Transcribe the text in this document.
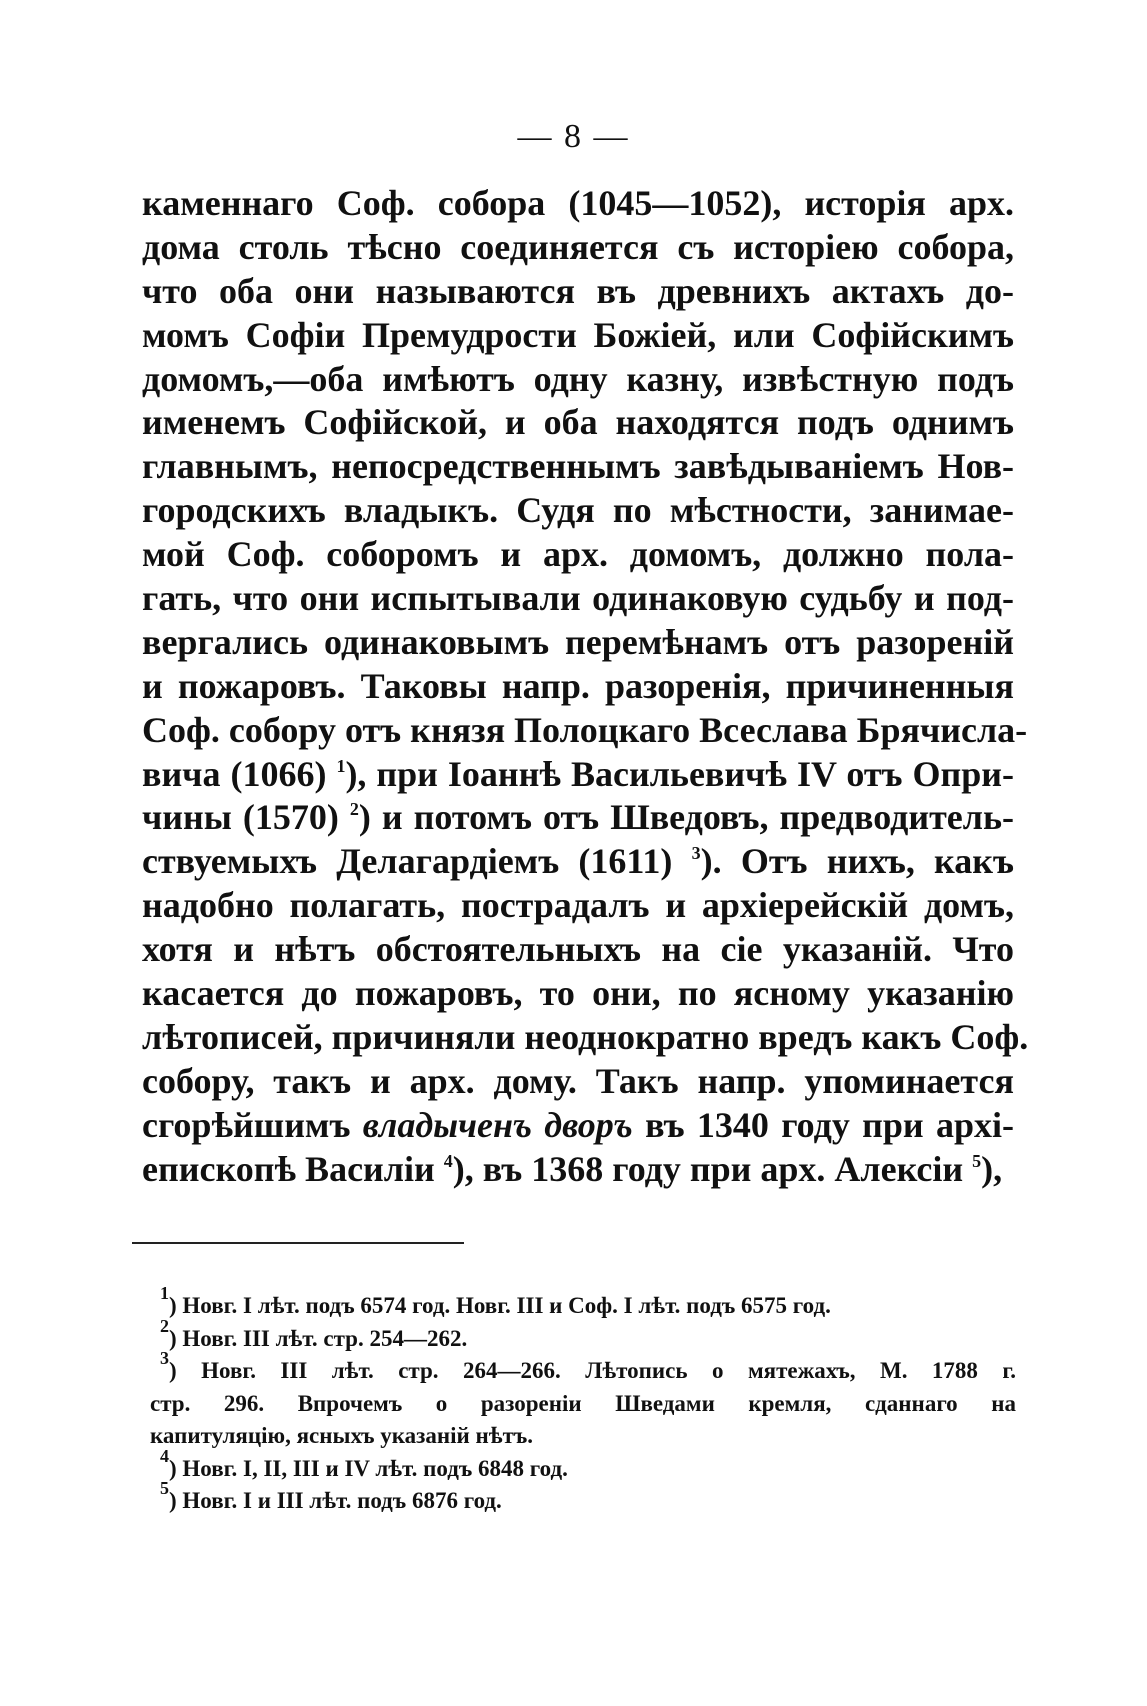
— 8 —
каменнаго Соф. собора (1045—1052), исторія арх.
дома столь тѣсно соединяется съ исторіею собора,
что оба они называются въ древнихъ актахъ до-
момъ Софіи Премудрости Божіей, или Софійскимъ
домомъ,—оба имѣютъ одну казну, извѣстную подъ
именемъ Софійской, и оба находятся подъ однимъ
главнымъ, непосредственнымъ завѣдываніемъ Нов-
городскихъ владыкъ. Судя по мѣстности, занимае-
мой Соф. соборомъ и арх. домомъ, должно пола-
гать, что они испытывали одинаковую судьбу и под-
вергались одинаковымъ перемѣнамъ отъ разореній
и пожаровъ. Таковы напр. разоренія, причиненныя
Соф. собору отъ князя Полоцкаго Всеслава Брячисла-
вича (1066) $^1$), при Іоаннѣ Васильевичѣ IV отъ Опри-
чины (1570) $^2$) и потомъ отъ Шведовъ, предводитель-
ствуемыхъ Делагардіемъ (1611) $^3$). Отъ нихъ, какъ
надобно полагать, пострадалъ и архіерейскій домъ,
хотя и нѣтъ обстоятельныхъ на сіе указаній. Что
касается до пожаровъ, то они, по ясному указанію
лѣтописей, причиняли неоднократно вредъ какъ Соф.
собору, такъ и арх. дому. Такъ напр. упоминается
сгорѣйшимъ владыченъ дворъ въ 1340 году при архі-
епископѣ Василіи $^4$), въ 1368 году при арх. Алексіи $^5$),
$^1$) Новг. I лѣт. подъ 6574 год. Новг. III и Соф. I лѣт. подъ 6575 год.
$^2$) Новг. III лѣт. стр. 254—262.
$^3$) Новг. III лѣт. стр. 264—266. Лѣтопись о мятежахъ, М. 1788 г.
стр. 296. Впрочемъ о разореніи Шведами кремля, сданнаго на
капитуляцію, ясныхъ указаній нѣтъ.
$^4$) Новг. I, II, III и IV лѣт. подъ 6848 год.
$^5$) Новг. I и III лѣт. подъ 6876 год.
